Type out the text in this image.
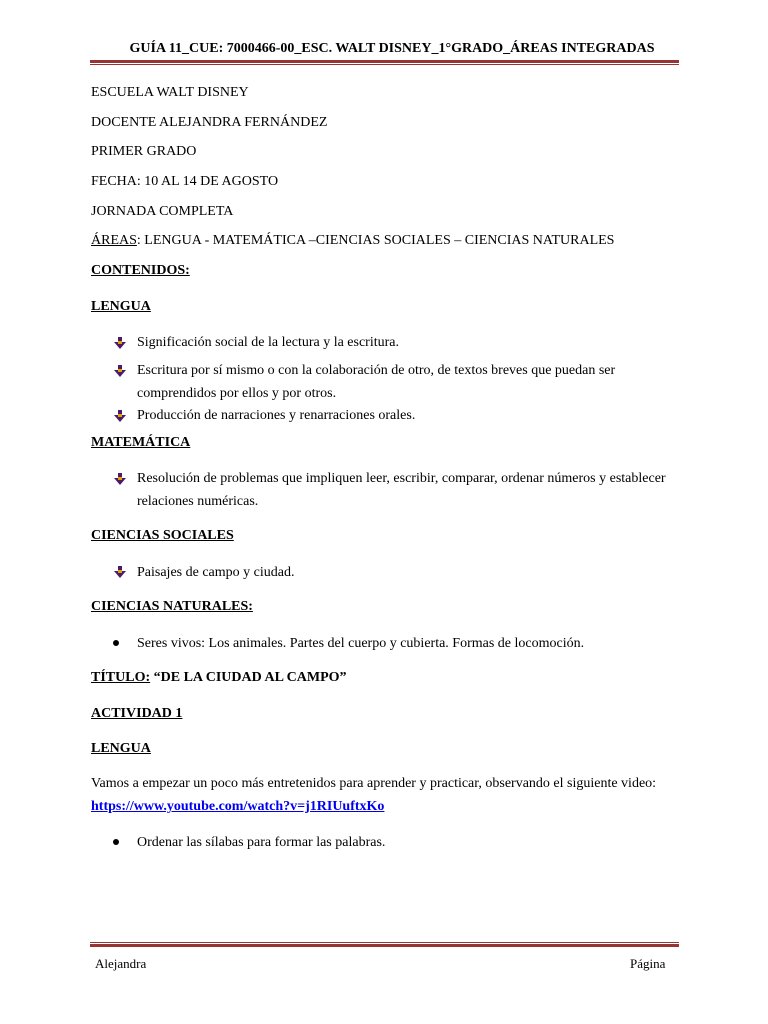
GUÍA 11_CUE: 7000466-00_ESC. WALT DISNEY_1°GRADO_ÁREAS INTEGRADAS
ESCUELA WALT DISNEY
DOCENTE ALEJANDRA FERNÁNDEZ
PRIMER GRADO
FECHA: 10 AL 14 DE AGOSTO
JORNADA COMPLETA
ÁREAS: LENGUA - MATEMÁTICA –CIENCIAS SOCIALES – CIENCIAS NATURALES
CONTENIDOS:
LENGUA
Significación social de la lectura y la escritura.
Escritura por sí mismo o con la colaboración de otro, de textos breves que puedan ser comprendidos por ellos y por otros.
Producción de narraciones y renarraciones orales.
MATEMÁTICA
Resolución de problemas que impliquen leer, escribir, comparar, ordenar números y establecer relaciones numéricas.
CIENCIAS SOCIALES
Paisajes de campo y ciudad.
CIENCIAS NATURALES:
Seres vivos: Los animales. Partes del cuerpo y cubierta. Formas de locomoción.
TÍTULO: “DE LA CIUDAD AL CAMPO”
ACTIVIDAD 1
LENGUA
Vamos a empezar un poco más entretenidos para aprender y practicar, observando el siguiente video:
https://www.youtube.com/watch?v=j1RIUuftxKo
Ordenar las sílabas para formar las palabras.
Alejandra	Página
